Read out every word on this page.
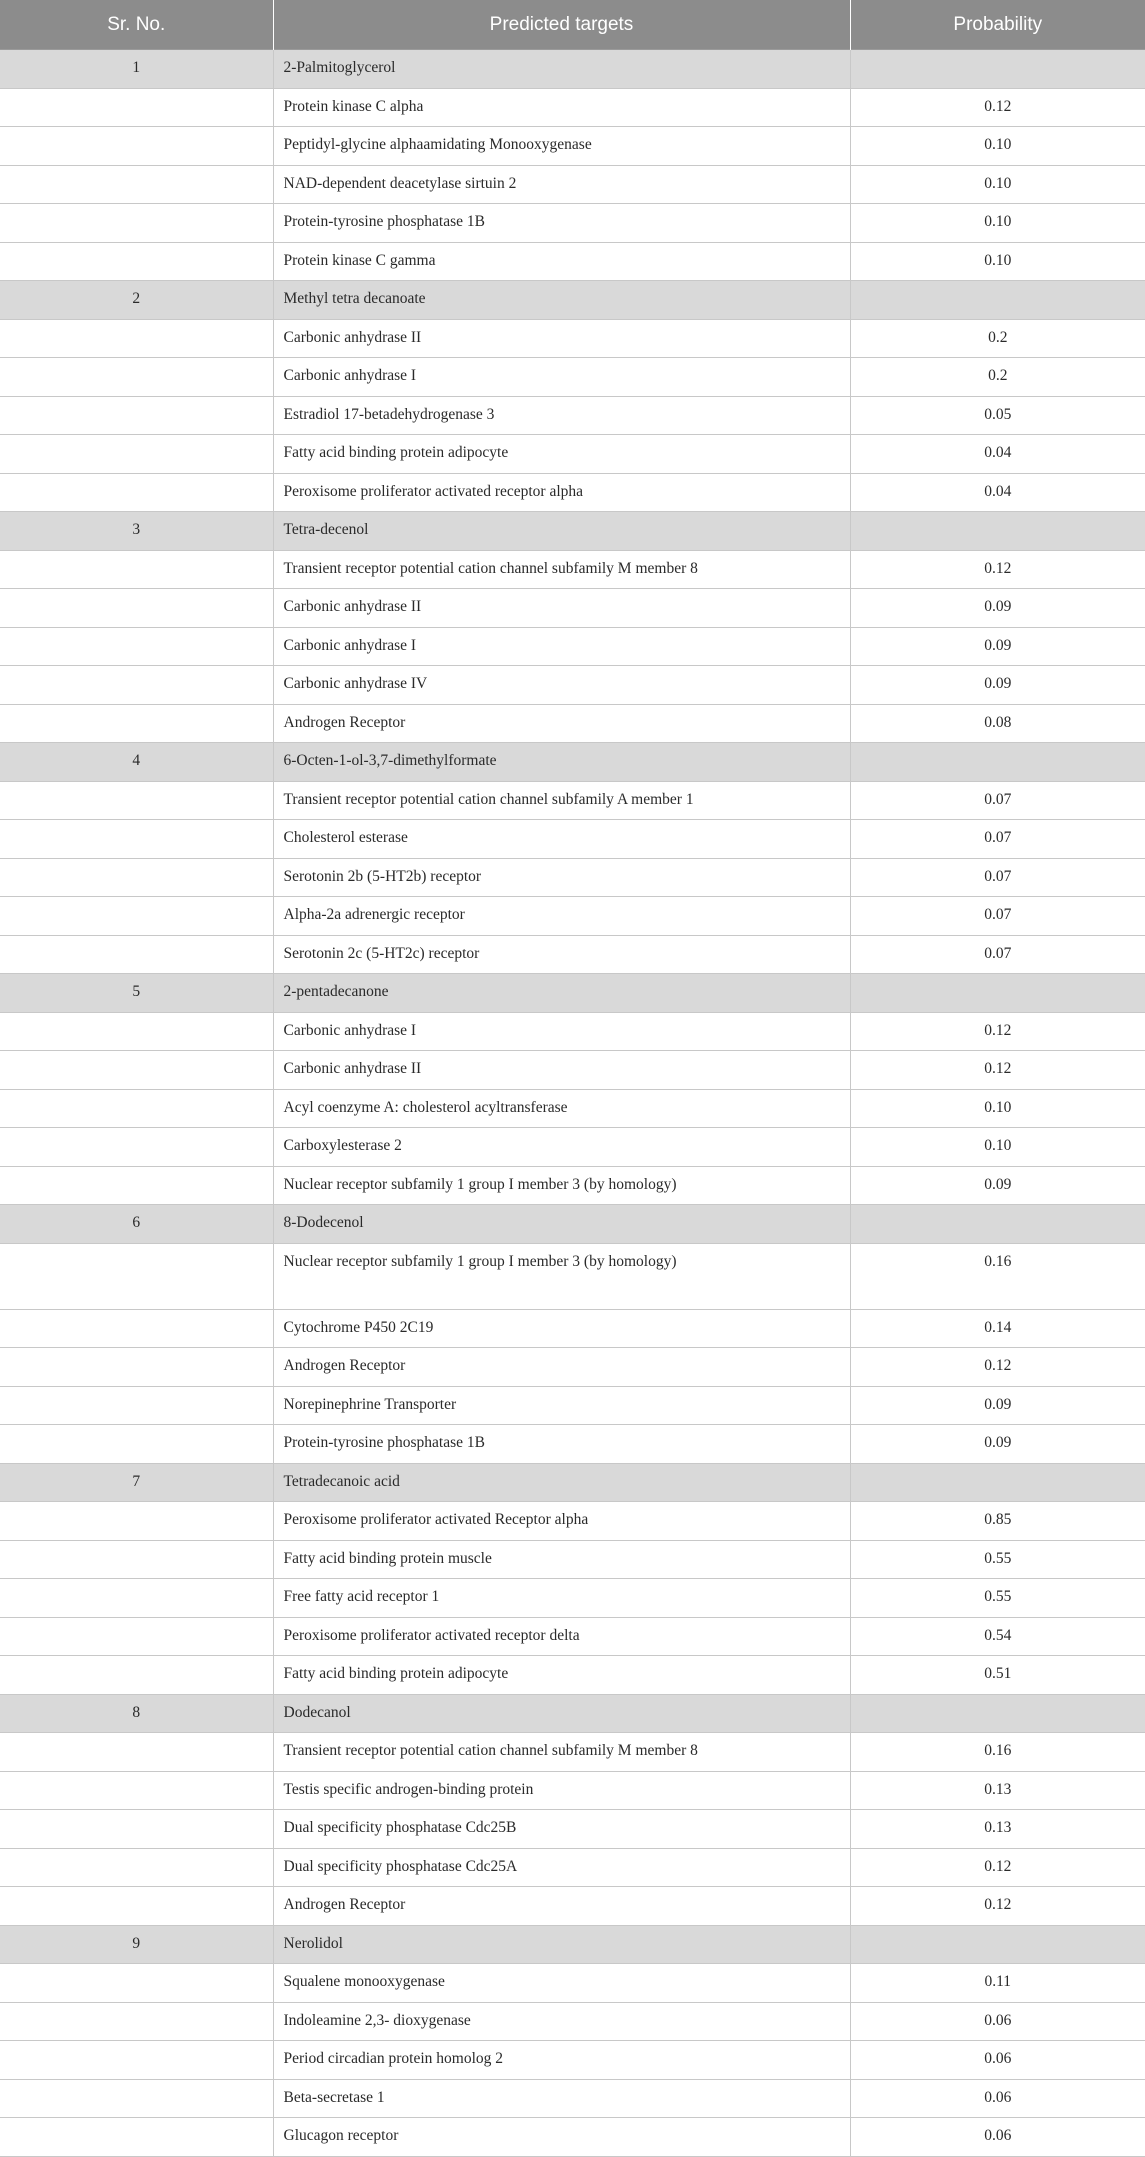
Sr. No.	Predicted targets	Probability
1	2-Palmitoglycerol	
	Protein kinase C alpha	0.12
	Peptidyl-glycine alphaamidating Monooxygenase	0.10
	NAD-dependent deacetylase sirtuin 2	0.10
	Protein-tyrosine phosphatase 1B	0.10
	Protein kinase C gamma	0.10
2	Methyl tetra decanoate	
	Carbonic anhydrase II	0.2
	Carbonic anhydrase I	0.2
	Estradiol 17-betadehydrogenase 3	0.05
	Fatty acid binding protein adipocyte	0.04
	Peroxisome proliferator activated receptor alpha	0.04
3	Tetra-decenol	
	Transient receptor potential cation channel subfamily M member 8	0.12
	Carbonic anhydrase II	0.09
	Carbonic anhydrase I	0.09
	Carbonic anhydrase IV	0.09
	Androgen Receptor	0.08
4	6-Octen-1-ol-3,7-dimethylformate	
	Transient receptor potential cation channel subfamily A member 1	0.07
	Cholesterol esterase	0.07
	Serotonin 2b (5-HT2b) receptor	0.07
	Alpha-2a adrenergic receptor	0.07
	Serotonin 2c (5-HT2c) receptor	0.07
5	2-pentadecanone	
	Carbonic anhydrase I	0.12
	Carbonic anhydrase II	0.12
	Acyl coenzyme A: cholesterol acyltransferase	0.10
	Carboxylesterase 2	0.10
	Nuclear receptor subfamily 1 group I member 3 (by homology)	0.09
6	8-Dodecenol	
	Nuclear receptor subfamily 1 group I member 3 (by homology)	0.16
	Cytochrome P450 2C19	0.14
	Androgen Receptor	0.12
	Norepinephrine Transporter	0.09
	Protein-tyrosine phosphatase 1B	0.09
7	Tetradecanoic acid	
	Peroxisome proliferator activated Receptor alpha	0.85
	Fatty acid binding protein muscle	0.55
	Free fatty acid receptor 1	0.55
	Peroxisome proliferator activated receptor delta	0.54
	Fatty acid binding protein adipocyte	0.51
8	Dodecanol	
	Transient receptor potential cation channel subfamily M member 8	0.16
	Testis specific androgen-binding protein	0.13
	Dual specificity phosphatase Cdc25B	0.13
	Dual specificity phosphatase Cdc25A	0.12
	Androgen Receptor	0.12
9	Nerolidol	
	Squalene monooxygenase	0.11
	Indoleamine 2,3- dioxygenase	0.06
	Period circadian protein homolog 2	0.06
	Beta-secretase 1	0.06
	Glucagon receptor	0.06
